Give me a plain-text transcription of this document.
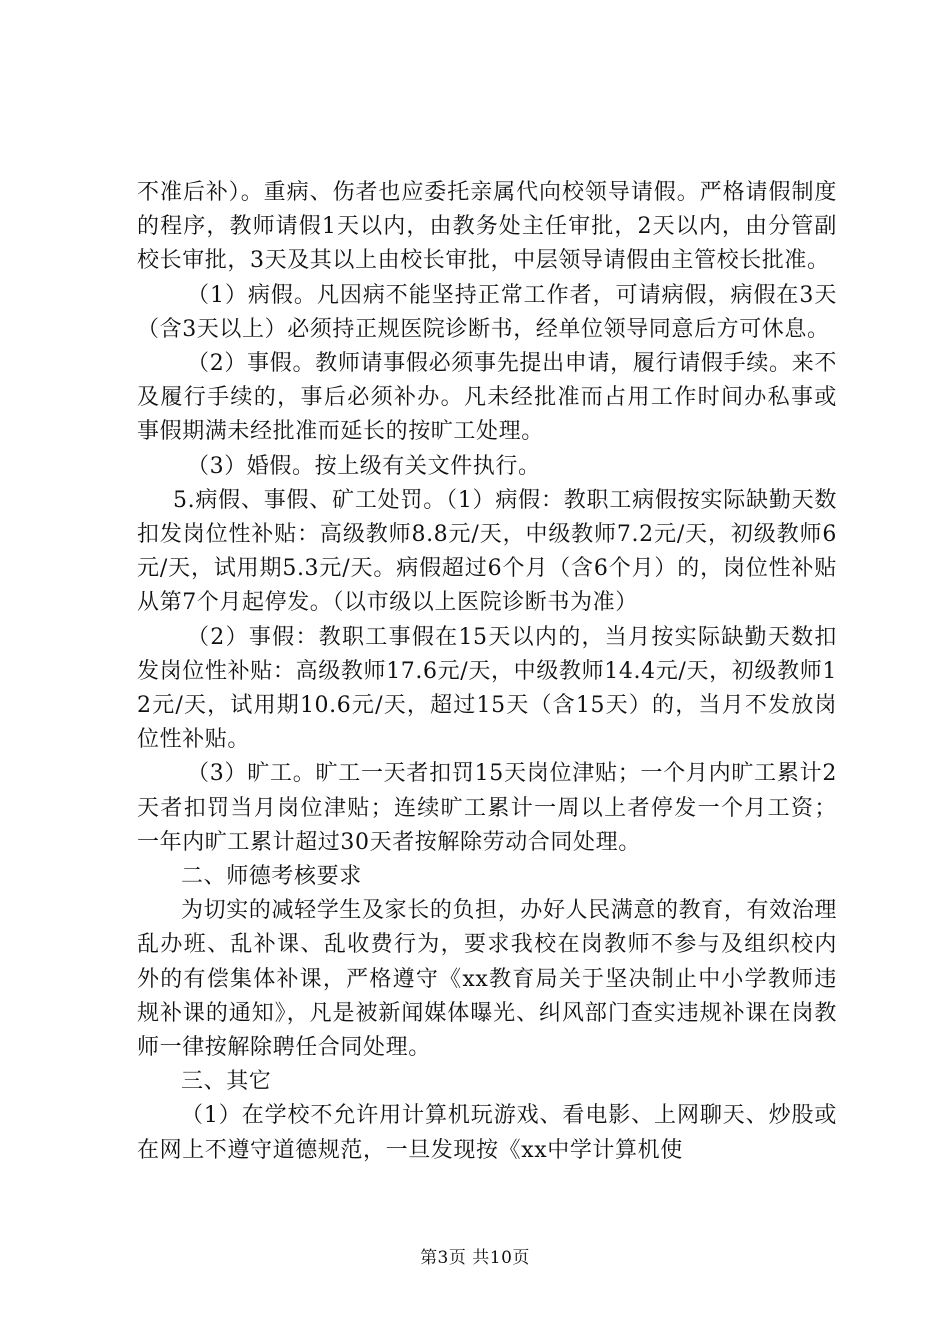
不准后补）。重病、伤者也应委托亲属代向校领导请假。严格请假制度的程序，教师请假1天以内，由教务处主任审批，2天以内，由分管副校长审批，3天及其以上由校长审批，中层领导请假由主管校长批准。

（1）病假。凡因病不能坚持正常工作者，可请病假，病假在3天（含3天以上）必须持正规医院诊断书，经单位领导同意后方可休息。

（2）事假。教师请事假必须事先提出申请，履行请假手续。来不及履行手续的，事后必须补办。凡未经批准而占用工作时间办私事或事假期满未经批准而延长的按旷工处理。

（3）婚假。按上级有关文件执行。

5.病假、事假、矿工处罚。（1）病假：教职工病假按实际缺勤天数扣发岗位性补贴：高级教师8.8元/天，中级教师7.2元/天，初级教师6元/天，试用期5.3元/天。病假超过6个月（含6个月）的，岗位性补贴从第7个月起停发。（以市级以上医院诊断书为准）

（2）事假：教职工事假在15天以内的，当月按实际缺勤天数扣发岗位性补贴：高级教师17.6元/天，中级教师14.4元/天，初级教师12元/天，试用期10.6元/天，超过15天（含15天）的，当月不发放岗位性补贴。

（3）旷工。旷工一天者扣罚15天岗位津贴；一个月内旷工累计2天者扣罚当月岗位津贴；连续旷工累计一周以上者停发一个月工资；一年内旷工累计超过30天者按解除劳动合同处理。

二、师德考核要求

为切实的减轻学生及家长的负担，办好人民满意的教育，有效治理乱办班、乱补课、乱收费行为，要求我校在岗教师不参与及组织校内外的有偿集体补课，严格遵守《xx教育局关于坚决制止中小学教师违规补课的通知》，凡是被新闻媒体曝光、纠风部门查实违规补课在岗教师一律按解除聘任合同处理。

三、其它

（1）在学校不允许用计算机玩游戏、看电影、上网聊天、炒股或在网上不遵守道德规范，一旦发现按《xx中学计算机使

第3页 共10页
